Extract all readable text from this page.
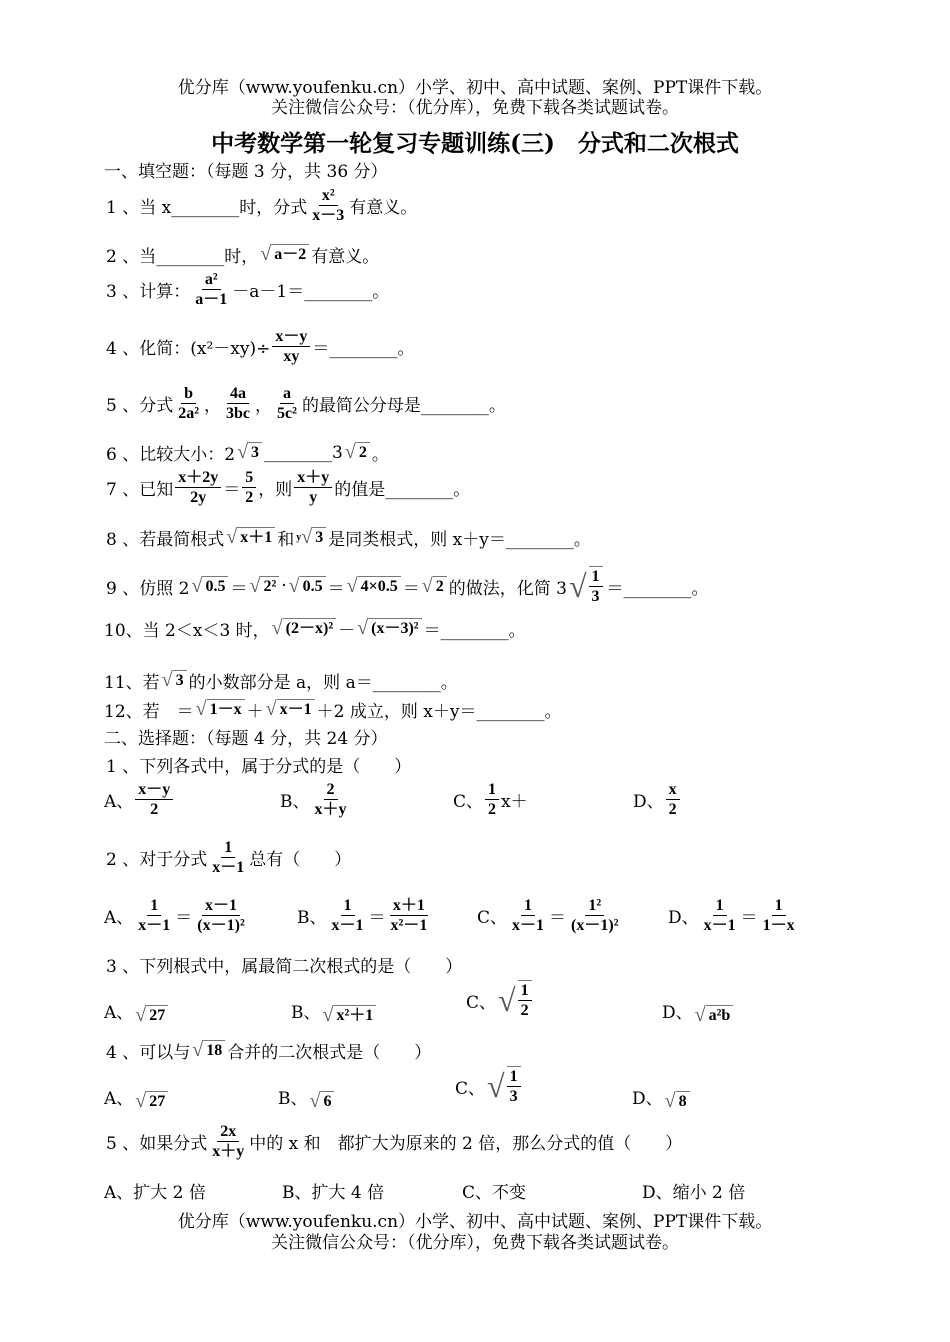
优分库（www.youfenku.cn）小学、初中、高中试题、案例、PPT课件下载。
关注微信公众号：（优分库），免费下载各类试题试卷。
中考数学第一轮复习专题训练(三)　分式和二次根式
一、填空题：（每题 3 分，共 36 分）
1 、 当 x________时，分式 $\frac{\text{x²}}{x-3}$ 有意义。
2 、 当________时， √ a－2 有意义。
3 、 计算： $\frac{\text{a²}}{a-1}$ －a－1＝________。
4 、 化简：$(x^2-xy)\div \frac{x-y}{xy}$ ＝________。
5 、 分式 $\frac{b}{\text{2a²}}$ ， $\frac{4a}{3bc}$ ， $\frac{a}{\text{5c²}}$ 的最简公分母是________。
6 、 比较大小：2 √ 3 ________3 √ 2 。
7 、 已知 $\frac{x+2y}{2y} = \frac{5}{2}$ ，则 $\frac{x+y}{y}$ 的值是________。
8 、 若最简根式 √ x＋1 和 y √ 3 是同类根式，则 x＋y＝________。
9 、 仿照 2 √ 0.5 ＝ √ 2² · √ 0.5 ＝ √ 4×0.5 ＝ √ 2 的做法，化简 3 √ $\frac{1}{3}$ ＝________。
10、 当 2＜x＜3 时， √ (2－x)² － √ (x－3)² ＝________。
11、 若 √ 3 的小数部分是 a，则 a＝________。
12、 若　＝ √ 1－x ＋ √ x－1 ＋2 成立，则 x＋y＝________。
二、选择题：（每题 4 分，共 24 分）
1 、下列各式中，属于分式的是（　　）
A、 $\frac{x-y}{2}$	B、 $\frac{2}{x+y}$	C、 $\frac{1}{2} x+$	D、 $\frac{x}{2}$
2 、对于分式 $\frac{1}{x-1}$ 总有（　　）
A、 $\frac{1}{x-1} = \frac{x-1}{\text{(x－1)²}}$	B、 $\frac{1}{x-1} = \frac{x+1}{\text{x²－1}}$	C、 $\frac{1}{x-1} = \frac{\text{1²}}{\text{(x－1)²}}$	D、 $\frac{1}{x-1} = \frac{1}{1-x}$
3 、下列根式中，属最简二次根式的是（　　）
A、 √ 27	B、 √ x²＋1
C、 √ $\frac{1}{2}$	D、 √ a²b
4 、可以与 √ 18 合并的二次根式是（　　）
A、 √ 27	B、 √ 6
C、 √ $\frac{1}{3}$	D、 √ 8
5 、如果分式 $\frac{2x}{x+y}$ 中的 x 和　都扩大为原来的 2 倍，那么分式的值（　　）
A、扩大 2 倍	B、扩大 4 倍	C、不变	D、缩小 2 倍
优分库（www.youfenku.cn）小学、初中、高中试题、案例、PPT课件下载。
关注微信公众号：（优分库），免费下载各类试题试卷。
